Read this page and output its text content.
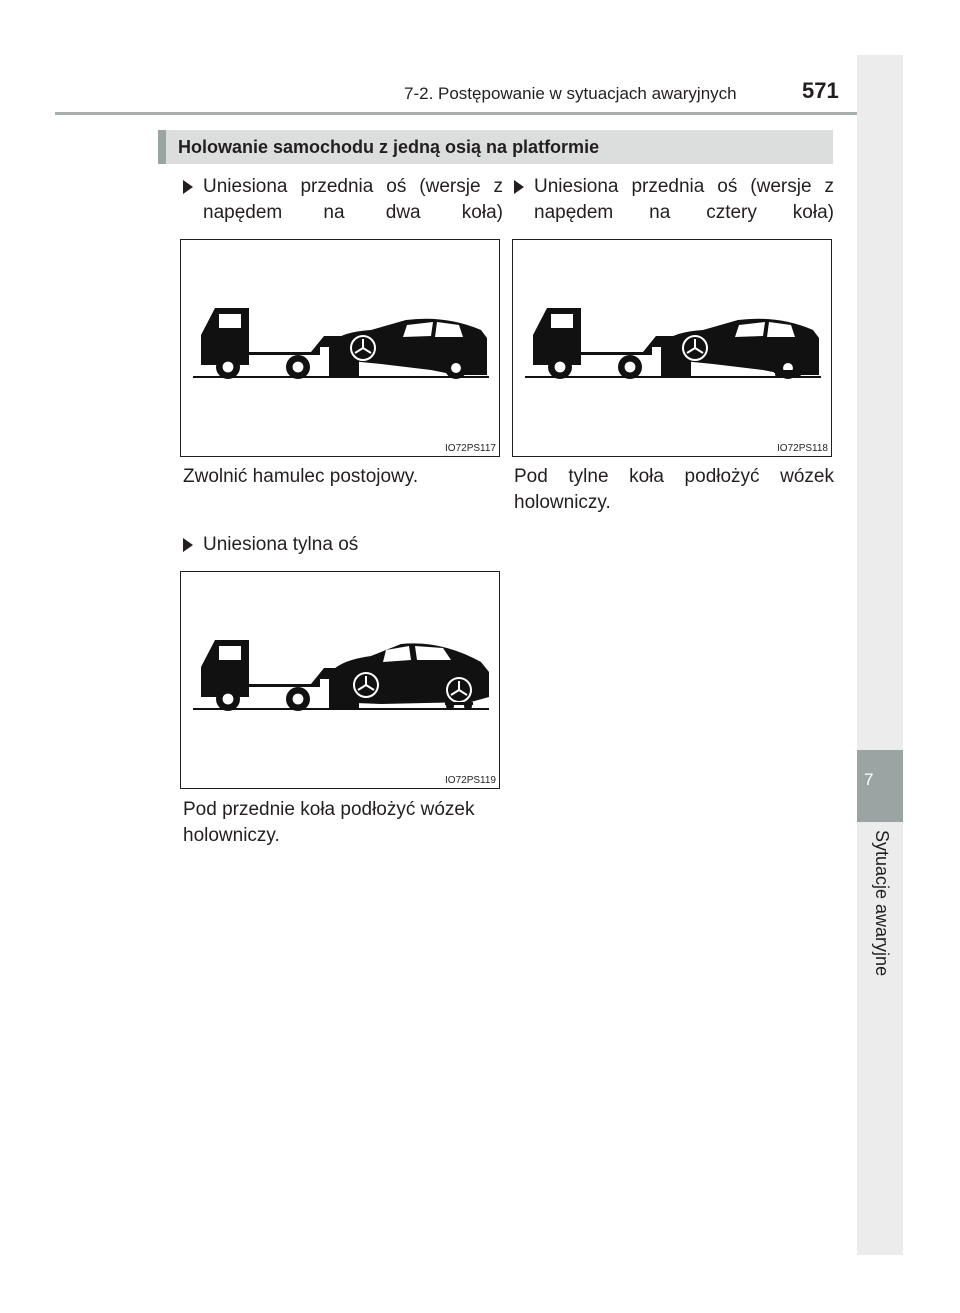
7-2. Postępowanie w sytuacjach awaryjnych	571
7
Sytuacje awaryjne
Holowanie samochodu z jedną osią na platformie
Uniesiona przednia oś (wersje z napędem na dwa koła)
Uniesiona przednia oś (wersje z napędem na cztery koła)
IO72PS117	IO72PS118
Zwolnić hamulec postojowy.	Pod tylne koła podłożyć wózek holowniczy.
Uniesiona tylna oś
IO72PS119
Pod przednie koła podłożyć wózek holowniczy.
